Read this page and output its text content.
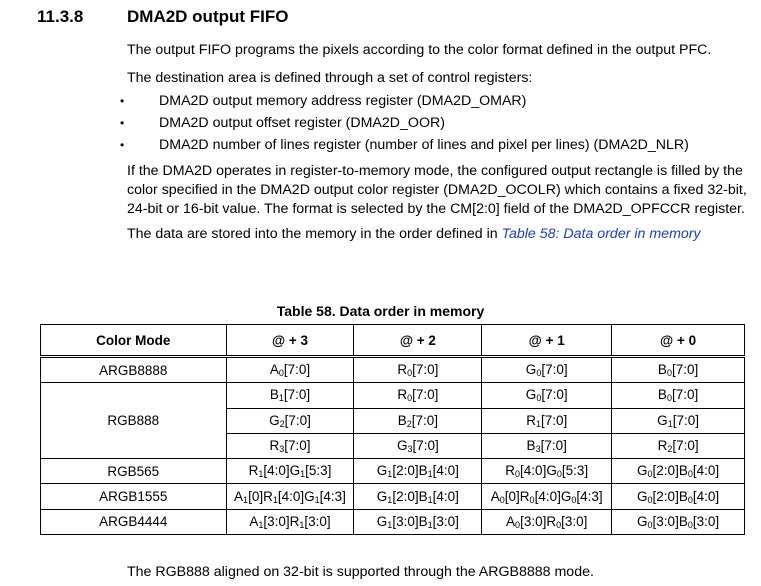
11.3.8	DMA2D output FIFO

The output FIFO programs the pixels according to the color format defined in the output PFC.

The destination area is defined through a set of control registers:

• DMA2D output memory address register (DMA2D_OMAR)
• DMA2D output offset register (DMA2D_OOR)
• DMA2D number of lines register (number of lines and pixel per lines) (DMA2D_NLR)

If the DMA2D operates in register-to-memory mode, the configured output rectangle is filled by the color specified in the DMA2D output color register (DMA2D_OCOLR) which contains a fixed 32-bit, 24-bit or 16-bit value. The format is selected by the CM[2:0] field of the DMA2D_OPFCCR register.

The data are stored into the memory in the order defined in Table 58: Data order in memory

Table 58. Data order in memory
Color Mode	@ + 3	@ + 2	@ + 1	@ + 0
ARGB8888	$A_0[7:0]$	$R_0[7:0]$	$G_0[7:0]$	$B_0[7:0]$
RGB888	$B_1[7:0]$	$R_0[7:0]$	$G_0[7:0]$	$B_0[7:0]$
	$G_2[7:0]$	$B_2[7:0]$	$R_1[7:0]$	$G_1[7:0]$
	$R_3[7:0]$	$G_3[7:0]$	$B_3[7:0]$	$R_2[7:0]$
RGB565	$R_1[4:0]G_1[5:3]$	$G_1[2:0]B_1[4:0]$	$R_0[4:0]G_0[5:3]$	$G_0[2:0]B_0[4:0]$
ARGB1555	$A_1[0]R_1[4:0]G_1[4:3]$	$G_1[2:0]B_1[4:0]$	$A_0[0]R_0[4:0]G_0[4:3]$	$G_0[2:0]B_0[4:0]$
ARGB4444	$A_1[3:0]R_1[3:0]$	$G_1[3:0]B_1[3:0]$	$A_0[3:0]R_0[3:0]$	$G_0[3:0]B_0[3:0]$
The RGB888 aligned on 32-bit is supported through the ARGB8888 mode.
